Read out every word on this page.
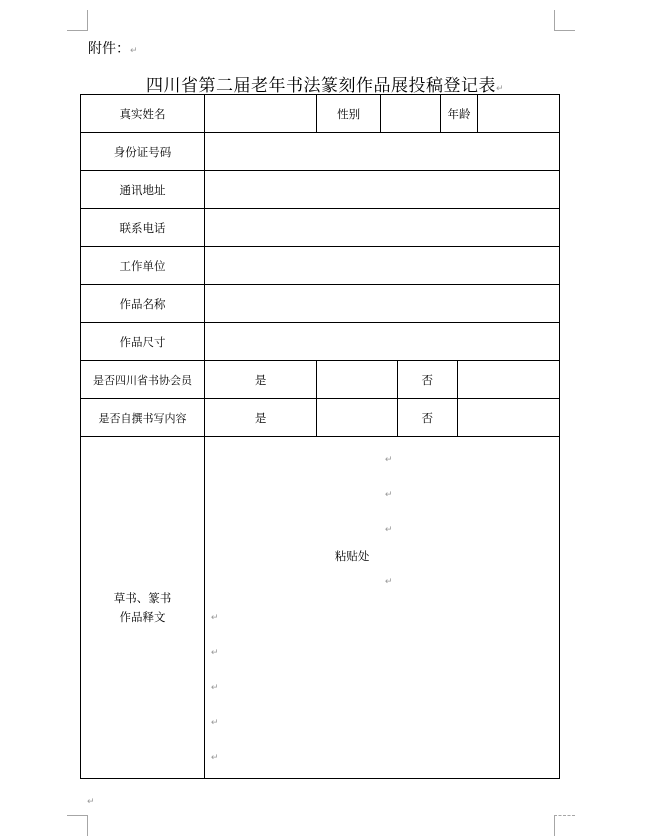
附件：↵
四川省第二届老年书法篆刻作品展投稿登记表↵
真实姓名		性别			年龄		
身份证号码							
通讯地址							
联系电话							
工作单位							
作品名称							
作品尺寸							
是否四川省书协会员	是			否			
是否自撰书写内容	是			否			

草书、篆书
作品释文

↵
↵
↵
粘贴处
↵
↵
↵
↵
↵
↵
↵
